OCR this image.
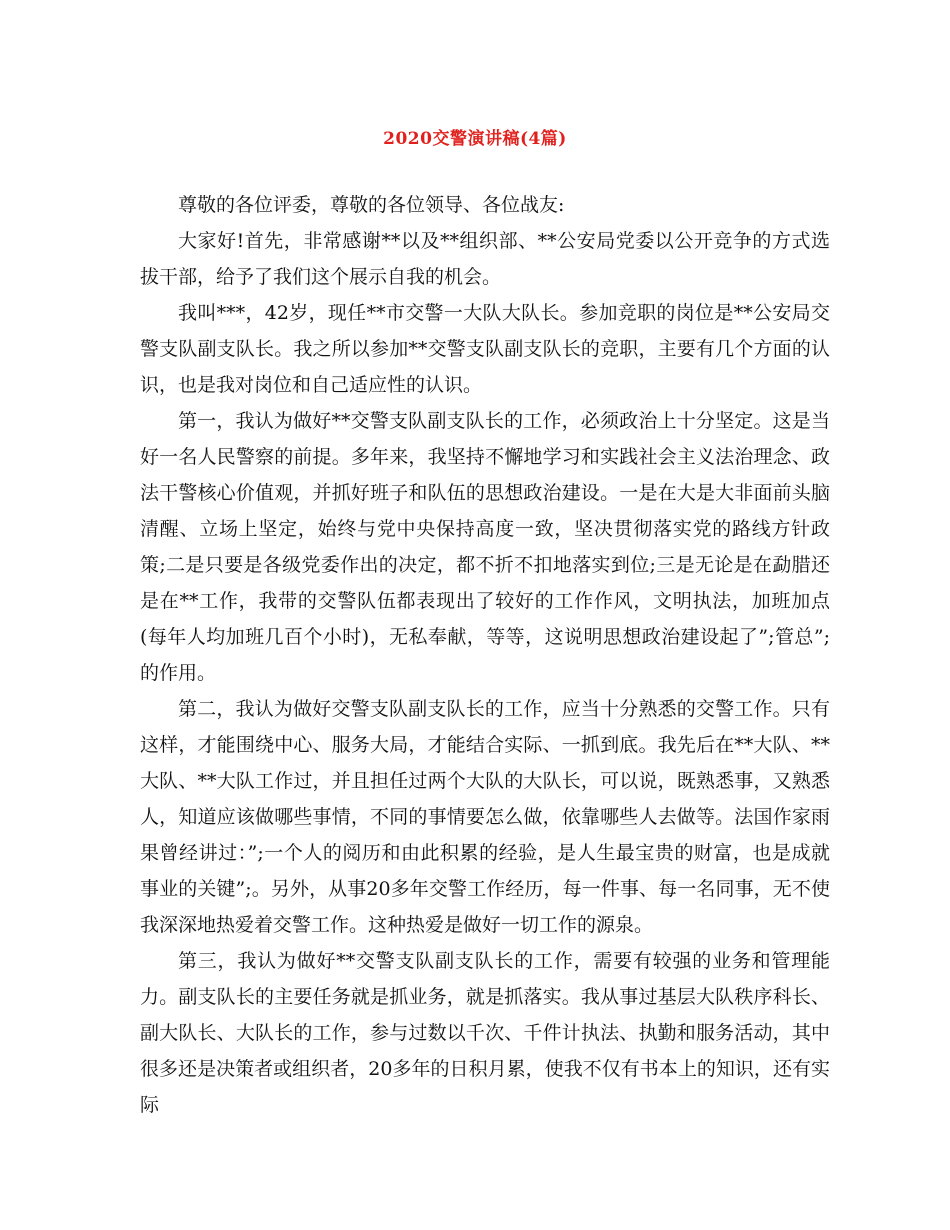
2020交警演讲稿(4篇)

尊敬的各位评委，尊敬的各位领导、各位战友:

大家好!首先，非常感谢**以及**组织部、**公安局党委以公开竞争的方式选拔干部，给予了我们这个展示自我的机会。

我叫***，42岁，现任**市交警一大队大队长。参加竞职的岗位是**公安局交警支队副支队长。我之所以参加**交警支队副支队长的竞职，主要有几个方面的认识，也是我对岗位和自己适应性的认识。

第一，我认为做好**交警支队副支队长的工作，必须政治上十分坚定。这是当好一名人民警察的前提。多年来，我坚持不懈地学习和实践社会主义法治理念、政法干警核心价值观，并抓好班子和队伍的思想政治建设。一是在大是大非面前头脑清醒、立场上坚定，始终与党中央保持高度一致，坚决贯彻落实党的路线方针政策;二是只要是各级党委作出的决定，都不折不扣地落实到位;三是无论是在勐腊还是在**工作，我带的交警队伍都表现出了较好的工作作风，文明执法，加班加点(每年人均加班几百个小时)，无私奉献，等等，这说明思想政治建设起了”;管总”;的作用。

第二，我认为做好交警支队副支队长的工作，应当十分熟悉的交警工作。只有这样，才能围绕中心、服务大局，才能结合实际、一抓到底。我先后在**大队、**大队、**大队工作过，并且担任过两个大队的大队长，可以说，既熟悉事，又熟悉人，知道应该做哪些事情，不同的事情要怎么做，依靠哪些人去做等。法国作家雨果曾经讲过：”;一个人的阅历和由此积累的经验，是人生最宝贵的财富，也是成就事业的关键”;。另外，从事20多年交警工作经历，每一件事、每一名同事，无不使我深深地热爱着交警工作。这种热爱是做好一切工作的源泉。

第三，我认为做好**交警支队副支队长的工作，需要有较强的业务和管理能力。副支队长的主要任务就是抓业务，就是抓落实。我从事过基层大队秩序科长、副大队长、大队长的工作，参与过数以千次、千件计执法、执勤和服务活动，其中很多还是决策者或组织者，20多年的日积月累，使我不仅有书本上的知识，还有实际
